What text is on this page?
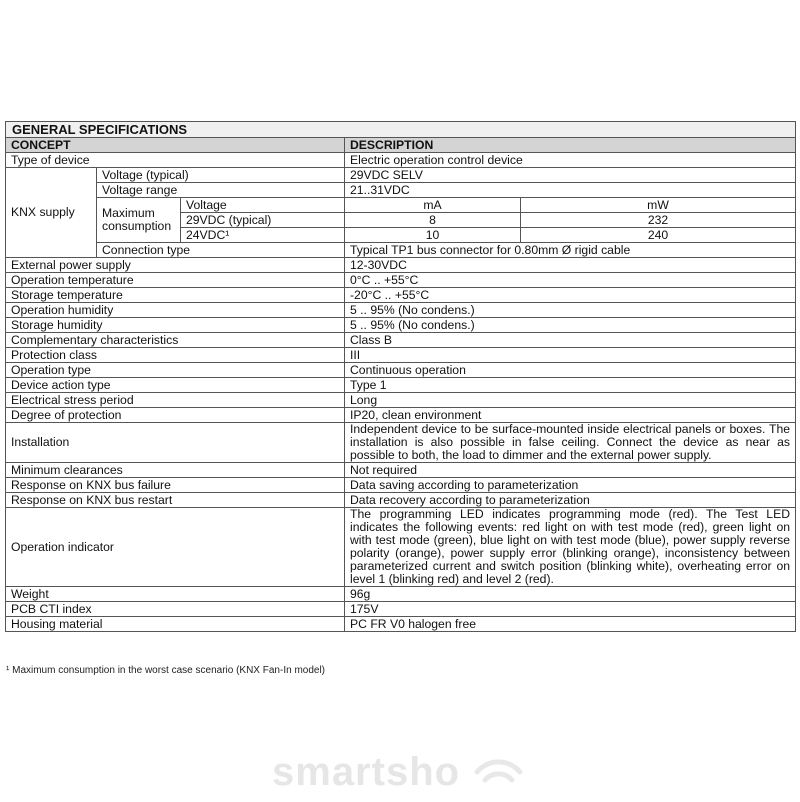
GENERAL SPECIFICATIONS				
CONCEPT			DESCRIPTION	
Type of device			Electric operation control device	
KNX supply	Voltage (typical)		29VDC SELV	
	Voltage range		21..31VDC	
	Maximum consumption	Voltage	mA	mW
		29VDC (typical)	8	232
		24VDC¹	10	240
	Connection type		Typical TP1 bus connector for 0.80mm Ø rigid cable	
External power supply			12-30VDC	
Operation temperature			0°C .. +55°C	
Storage temperature			-20°C .. +55°C	
Operation humidity			5 .. 95% (No condens.)	
Storage humidity			5 .. 95% (No condens.)	
Complementary characteristics			Class B	
Protection class			III	
Operation type			Continuous operation	
Device action type			Type 1	
Electrical stress period			Long	
Degree of protection			IP20, clean environment	
Installation			Independent device to be surface-mounted inside electrical panels or boxes. The installation is also possible in false ceiling. Connect the device as near as possible to both, the load to dimmer and the external power supply.	
Minimum clearances			Not required	
Response on KNX bus failure			Data saving according to parameterization	
Response on KNX bus restart			Data recovery according to parameterization	
Operation indicator			The programming LED indicates programming mode (red). The Test LED indicates the following events: red light on with test mode (red), green light on with test mode (green), blue light on with test mode (blue), power supply reverse polarity (orange), power supply error (blinking orange), inconsistency between parameterized current and switch position (blinking white), overheating error on level 1 (blinking red) and level 2 (red).	
Weight			96g	
PCB CTI index			175V	
Housing material			PC FR V0 halogen free	
¹ Maximum consumption in the worst case scenario (KNX Fan-In model)
smartsho
